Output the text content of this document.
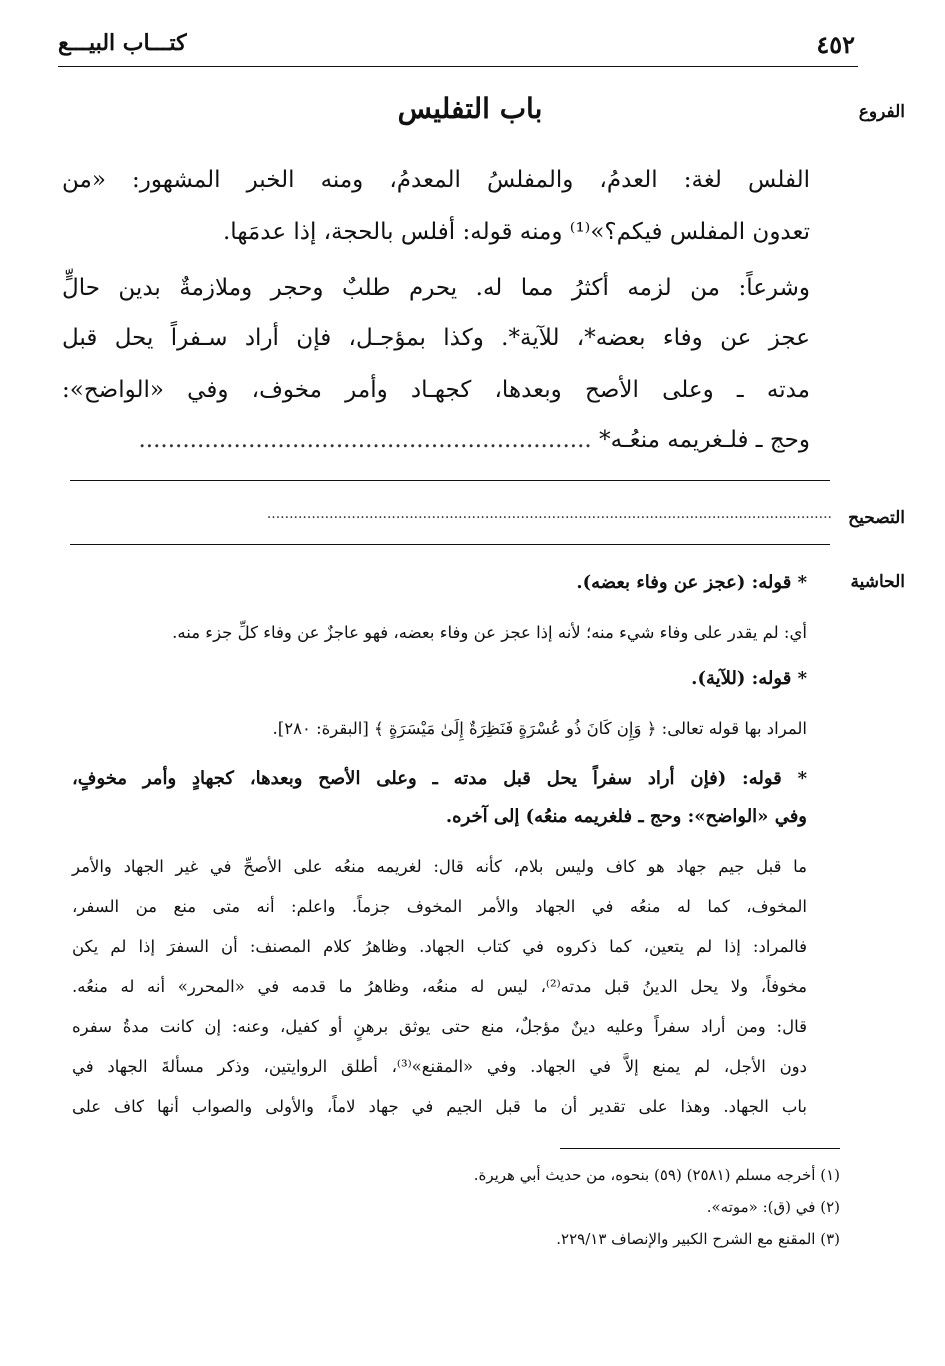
٤٥٢
كتـــاب البيـــع
الفروع
التصحيح
الحاشية
باب التفليس
الفلس لغة: العدمُ، والمفلسُ المعدمُ، ومنه الخبر المشهور: «من
تعدون المفلس فيكم؟»⁽¹⁾ ومنه قوله: أفلس بالحجة، إذا عدمَها.
وشرعاً: من لزمه أكثرُ مما له. يحرم طلبٌ وحجر وملازمةٌ بدين حالٍّ
عجز عن وفاء بعضه*، للآية*. وكذا بمؤجـل، فإن أراد سـفراً يحل قبل
مدته ـ وعلى الأصح وبعدها، كجهـاد وأمر مخوف، وفي «الواضح»:
وحج ـ فلـغريمه منعُـه* ..............................................................
...............................................................................................................................
* قوله: (عجز عن وفاء بعضه).
أي: لم يقدر على وفاء شيء منه؛ لأنه إذا عجز عن وفاء بعضه، فهو عاجزٌ عن وفاء كلِّ جزء منه.
* قوله: (للآية).
المراد بها قوله تعالى: ﴿ وَإِن كَانَ ذُو عُسْرَةٍ فَنَظِرَةٌ إِلَىٰ مَيْسَرَةٍ ﴾ [البقرة: ٢٨٠].
* قوله: (فإن أراد سفراً يحل قبل مدته ـ وعلى الأصح وبعدها، كجهادٍ وأمر مخوفٍ،
وفي «الواضح»: وحج ـ فلغريمه منعُه) إلى آخره.
ما قبل جيم جهاد هو كاف وليس بلام، كأنه قال: لغريمه منعُه على الأصحِّ في غير الجهاد والأمر
المخوف، كما له منعُه في الجهاد والأمر المخوف جزماً. واعلم: أنه متى منع من السفر،
فالمراد: إذا لم يتعين، كما ذكروه في كتاب الجهاد. وظاهرُ كلام المصنف: أن السفرَ إذا لم يكن
مخوفاً، ولا يحل الدينُ قبل مدته⁽²⁾، ليس له منعُه، وظاهرُ ما قدمه في «المحرر» أنه له منعُه.
قال: ومن أراد سفراً وعليه دينٌ مؤجلٌ، منع حتى يوثق برهنٍ أو كفيل، وعنه: إن كانت مدةُ سفره
دون الأجل، لم يمنع إلاَّ في الجهاد. وفي «المقنع»⁽³⁾، أطلق الروايتين، وذكر مسألةَ الجهاد في
باب الجهاد. وهذا على تقدير أن ما قبل الجيم في جهاد لاماً، والأولى والصواب أنها كاف على
(١) أخرجه مسلم (٢٥٨١) (٥٩) بنحوه، من حديث أبي هريرة.
(٢) في (ق): «موته».
(٣) المقنع مع الشرح الكبير والإنصاف ٢٢٩/١٣.
